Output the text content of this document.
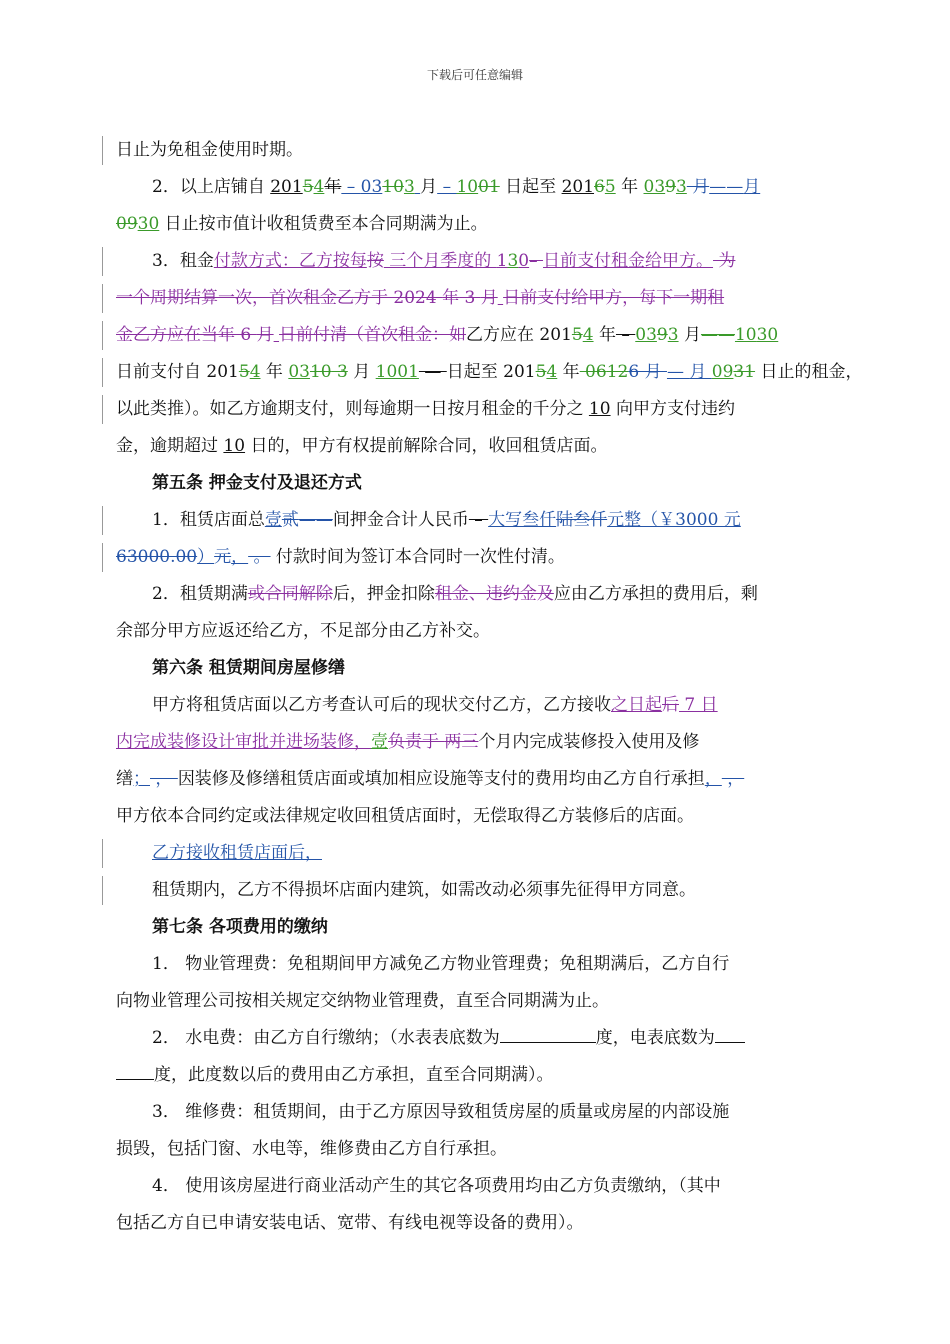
下载后可任意编辑
日止为免租金使用时期。
2．以上店铺自 20154年 – 03103 月 – 1001 日起至 20165 年 0393 月——月
0930 日止按市值计收租赁费至本合同期满为止。
3．租金付款方式：乙方按每按 三个月季度的 130– 日前支付租金给甲方。 为
一个周期结算一次，首次租金乙方于 2024 年 3 月 日前支付给甲方，每下一期租
金乙方应在当年 6 月 日前付清（首次租金：如乙方应在 20154 年 – 0393 月——1030
日前支付自 20154 年 0310 3 月 1001 — 日起至 20154 年 06126 月 — 月 0931 日止的租金，
以此类推）。如乙方逾期支付，则每逾期一日按月租金的千分之 10 向甲方支付违约
金，逾期超过 10 日的，甲方有权提前解除合同，收回租赁店面。
第五条 押金支付及退还方式
1．租赁店面总壹贰——间押金合计人民币 – 大写叁仟陆叁仟元整（￥3000 元
63000.00）元， 。 付款时间为签订本合同时一次性付清。
2．租赁期满或合同解除后，押金扣除租金、违约金及应由乙方承担的费用后，剩
余部分甲方应返还给乙方，不足部分由乙方补交。
第六条 租赁期间房屋修缮
甲方将租赁店面以乙方考查认可后的现状交付乙方，乙方接收之日起后 7 日
内完成装修设计审批并进场装修，壹负责于 两三个月内完成装修投入使用及修
缮； ， 因装修及修缮租赁店面或填加相应设施等支付的费用均由乙方自行承担， ，
甲方依本合同约定或法律规定收回租赁店面时，无偿取得乙方装修后的店面。
乙方接收租赁店面后，
租赁期内，乙方不得损坏店面内建筑，如需改动必须事先征得甲方同意。
第七条 各项费用的缴纳
1． 物业管理费：免租期间甲方减免乙方物业管理费；免租期满后，乙方自行
向物业管理公司按相关规定交纳物业管理费，直至合同期满为止。
2． 水电费：由乙方自行缴纳；（水表表底数为	度，电表底数为
度，此度数以后的费用由乙方承担，直至合同期满）。
3． 维修费：租赁期间，由于乙方原因导致租赁房屋的质量或房屋的内部设施
损毁，包括门窗、水电等，维修费由乙方自行承担。
4． 使用该房屋进行商业活动产生的其它各项费用均由乙方负责缴纳，（其中
包括乙方自已申请安装电话、宽带、有线电视等设备的费用）。
